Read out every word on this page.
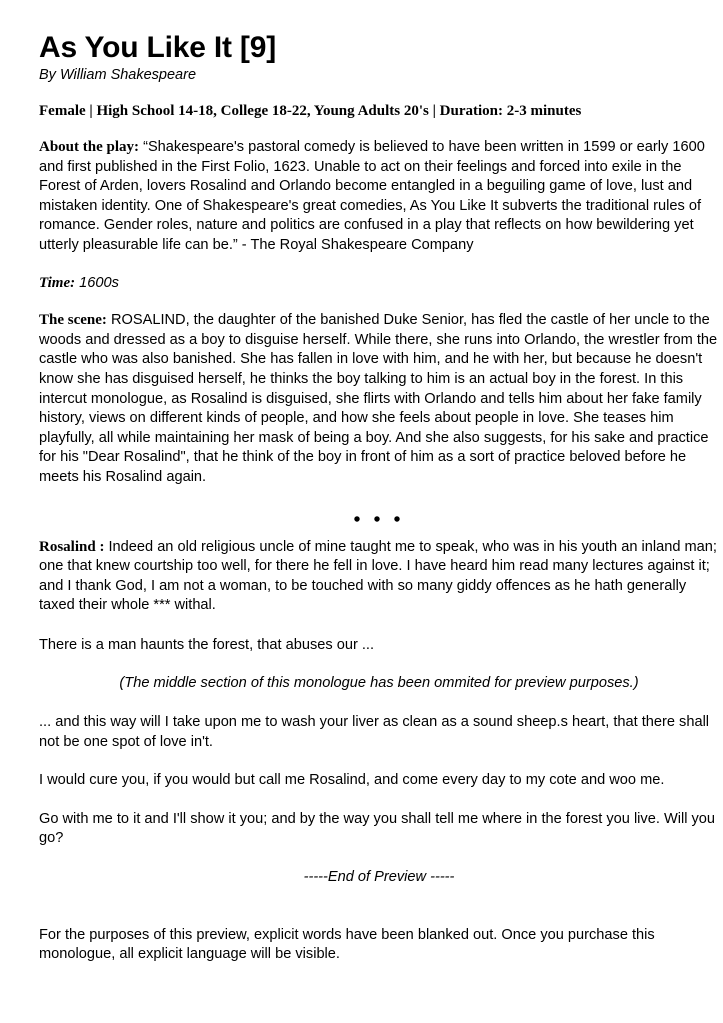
As You Like It [9]
By William Shakespeare
Female | High School 14-18, College 18-22, Young Adults 20's | Duration: 2-3 minutes

About the play: “Shakespeare's pastoral comedy is believed to have been written in 1599 or early 1600 and first published in the First Folio, 1623. Unable to act on their feelings and forced into exile in the Forest of Arden, lovers Rosalind and Orlando become entangled in a beguiling game of love, lust and mistaken identity. One of Shakespeare's great comedies, As You Like It subverts the traditional rules of romance. Gender roles, nature and politics are confused in a play that reflects on how bewildering yet utterly pleasurable life can be.” - The Royal Shakespeare Company

Time: 1600s

The scene: ROSALIND, the daughter of the banished Duke Senior, has fled the castle of her uncle to the woods and dressed as a boy to disguise herself. While there, she runs into Orlando, the wrestler from the castle who was also banished. She has fallen in love with him, and he with her, but because he doesn't know she has disguised herself, he thinks the boy talking to him is an actual boy in the forest. In this intercut monologue, as Rosalind is disguised, she flirts with Orlando and tells him about her fake family history, views on different kinds of people, and how she feels about people in love. She teases him playfully, all while maintaining her mask of being a boy. And she also suggests, for his sake and practice for his "Dear Rosalind", that he think of the boy in front of him as a sort of practice beloved before he meets his Rosalind again.

• • •

Rosalind : Indeed an old religious uncle of mine taught me to speak, who was in his youth an inland man; one that knew courtship too well, for there he fell in love. I have heard him read many lectures against it; and I thank God, I am not a woman, to be touched with so many giddy offences as he hath generally taxed their whole *** withal.

There is a man haunts the forest, that abuses our ...

(The middle section of this monologue has been ommited for preview purposes.)

... and this way will I take upon me to wash your liver as clean as a sound sheep.s heart, that there shall not be one spot of love in't.

I would cure you, if you would but call me Rosalind, and come every day to my cote and woo me.

Go with me to it and I'll show it you; and by the way you shall tell me where in the forest you live. Will you go?

-----End of Preview -----

For the purposes of this preview, explicit words have been blanked out. Once you purchase this monologue, all explicit language will be visible.
